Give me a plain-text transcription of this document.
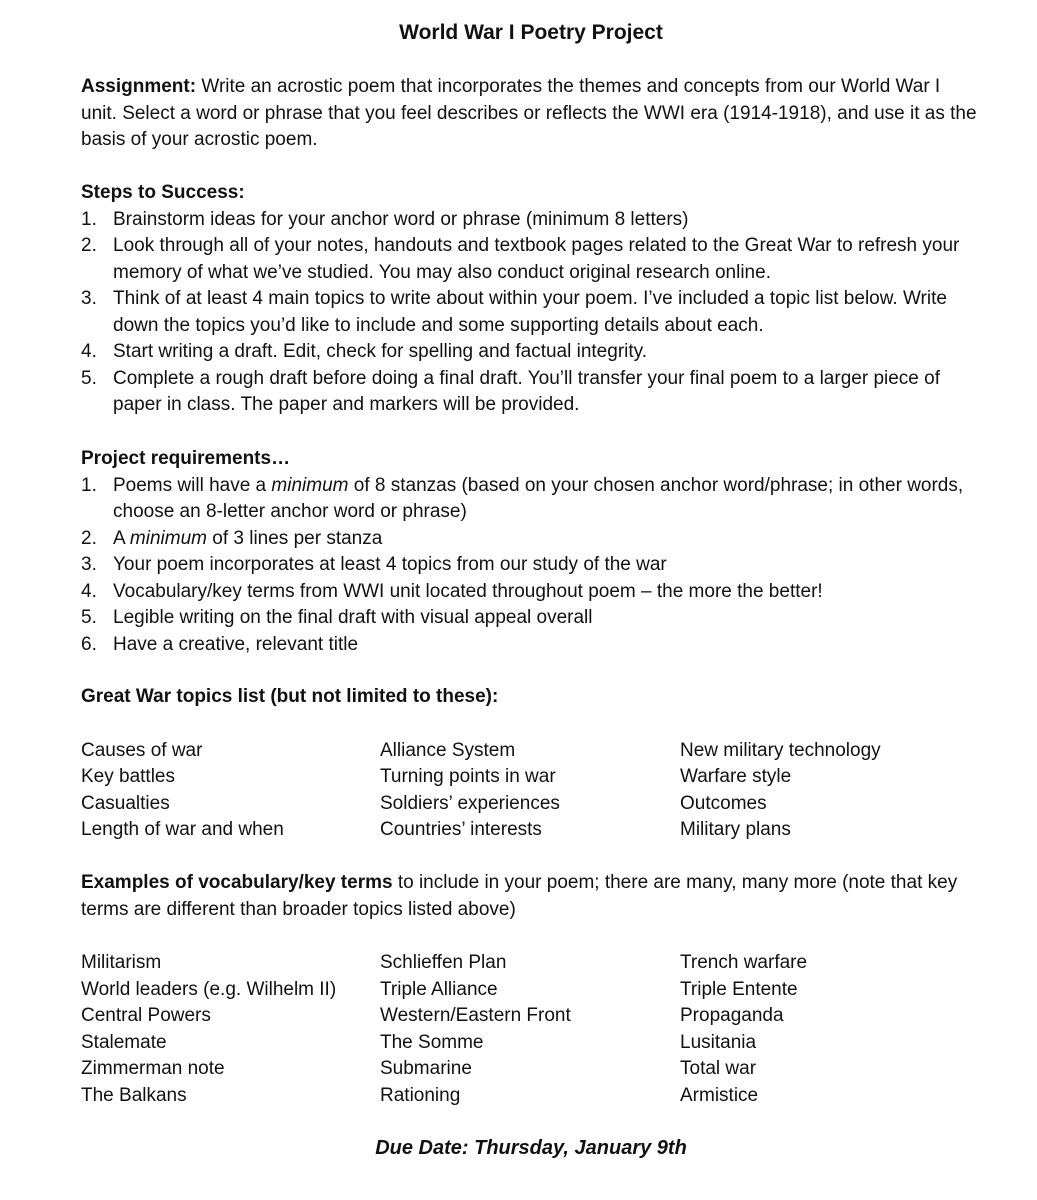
World War I Poetry Project

Assignment: Write an acrostic poem that incorporates the themes and concepts from our World War I unit. Select a word or phrase that you feel describes or reflects the WWI era (1914-1918), and use it as the basis of your acrostic poem.

Steps to Success:

1. Brainstorm ideas for your anchor word or phrase (minimum 8 letters)
2. Look through all of your notes, handouts and textbook pages related to the Great War to refresh your memory of what we’ve studied. You may also conduct original research online.
3. Think of at least 4 main topics to write about within your poem. I’ve included a topic list below. Write down the topics you’d like to include and some supporting details about each.
4. Start writing a draft. Edit, check for spelling and factual integrity.
5. Complete a rough draft before doing a final draft. You’ll transfer your final poem to a larger piece of paper in class. The paper and markers will be provided.

Project requirements…

1. Poems will have a minimum of 8 stanzas (based on your chosen anchor word/phrase; in other words, choose an 8-letter anchor word or phrase)
2. A minimum of 3 lines per stanza
3. Your poem incorporates at least 4 topics from our study of the war
4. Vocabulary/key terms from WWI unit located throughout poem – the more the better!
5. Legible writing on the final draft with visual appeal overall
6. Have a creative, relevant title

Great War topics list (but not limited to these):

Causes of war	Alliance System	New military technology
Key battles	Turning points in war	Warfare style
Casualties	Soldiers’ experiences	Outcomes
Length of war and when	Countries’ interests	Military plans

Examples of vocabulary/key terms to include in your poem; there are many, many more (note that key terms are different than broader topics listed above)

Militarism	Schlieffen Plan	Trench warfare
World leaders (e.g. Wilhelm II)	Triple Alliance	Triple Entente
Central Powers	Western/Eastern Front	Propaganda
Stalemate	The Somme	Lusitania
Zimmerman note	Submarine	Total war
The Balkans	Rationing	Armistice
Due Date: Thursday, January 9th
